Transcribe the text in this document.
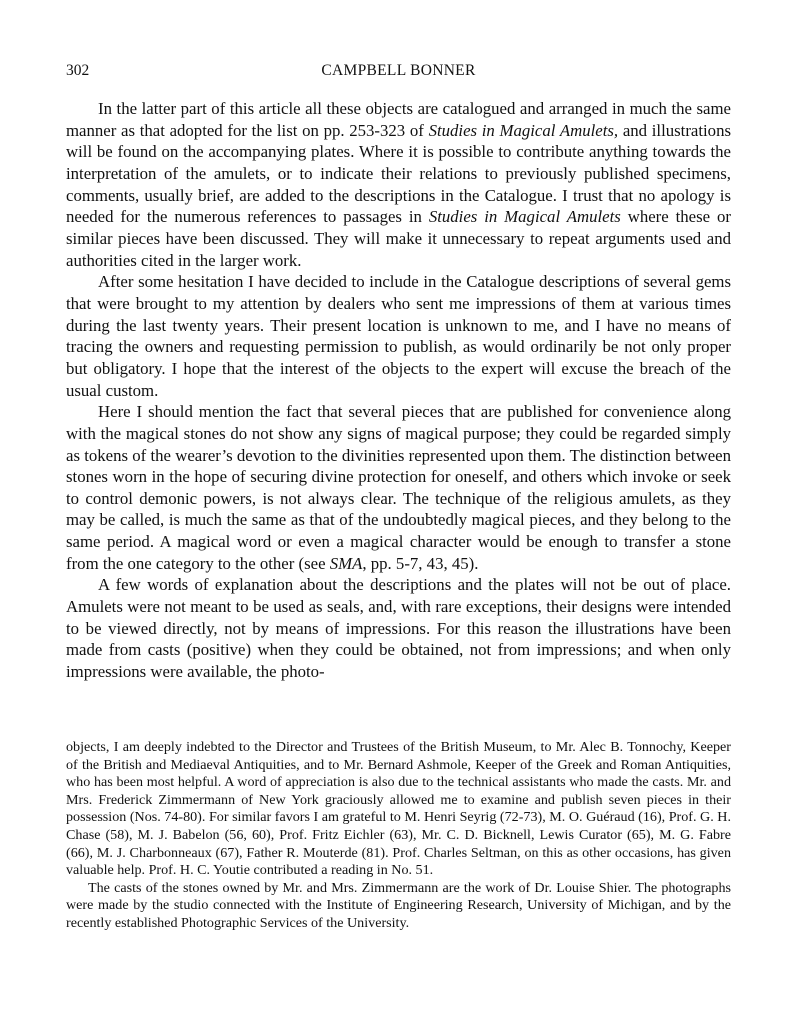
302	CAMPBELL BONNER

In the latter part of this article all these objects are catalogued and arranged in much the same manner as that adopted for the list on pp. 253-323 of Studies in Magical Amulets, and illustrations will be found on the accompanying plates. Where it is possible to contribute anything towards the interpretation of the amulets, or to indicate their relations to previously published specimens, comments, usually brief, are added to the descriptions in the Catalogue. I trust that no apology is needed for the numerous references to passages in Studies in Magical Amulets where these or similar pieces have been discussed. They will make it unnecessary to repeat arguments used and authorities cited in the larger work.

After some hesitation I have decided to include in the Catalogue descriptions of several gems that were brought to my attention by dealers who sent me impressions of them at various times during the last twenty years. Their present location is unknown to me, and I have no means of tracing the owners and requesting permission to publish, as would ordinarily be not only proper but obligatory. I hope that the interest of the objects to the expert will excuse the breach of the usual custom.

Here I should mention the fact that several pieces that are published for convenience along with the magical stones do not show any signs of magical purpose; they could be regarded simply as tokens of the wearer’s devotion to the divinities represented upon them. The distinction between stones worn in the hope of securing divine protection for oneself, and others which invoke or seek to control demonic powers, is not always clear. The technique of the religious amulets, as they may be called, is much the same as that of the undoubtedly magical pieces, and they belong to the same period. A magical word or even a magical character would be enough to transfer a stone from the one category to the other (see SMA, pp. 5-7, 43, 45).

A few words of explanation about the descriptions and the plates will not be out of place. Amulets were not meant to be used as seals, and, with rare exceptions, their designs were intended to be viewed directly, not by means of impressions. For this reason the illustrations have been made from casts (positive) when they could be obtained, not from impressions; and when only impressions were available, the photo-

objects, I am deeply indebted to the Director and Trustees of the British Museum, to Mr. Alec B. Tonnochy, Keeper of the British and Mediaeval Antiquities, and to Mr. Bernard Ashmole, Keeper of the Greek and Roman Antiquities, who has been most helpful. A word of appreciation is also due to the technical assistants who made the casts. Mr. and Mrs. Frederick Zimmermann of New York graciously allowed me to examine and publish seven pieces in their possession (Nos. 74-80). For similar favors I am grateful to M. Henri Seyrig (72-73), M. O. Guéraud (16), Prof. G. H. Chase (58), M. J. Babelon (56, 60), Prof. Fritz Eichler (63), Mr. C. D. Bicknell, Lewis Curator (65), M. G. Fabre (66), M. J. Charbonneaux (67), Father R. Mouterde (81). Prof. Charles Seltman, on this as other occasions, has given valuable help. Prof. H. C. Youtie contributed a reading in No. 51.

The casts of the stones owned by Mr. and Mrs. Zimmermann are the work of Dr. Louise Shier. The photographs were made by the studio connected with the Institute of Engineering Research, University of Michigan, and by the recently established Photographic Services of the University.
